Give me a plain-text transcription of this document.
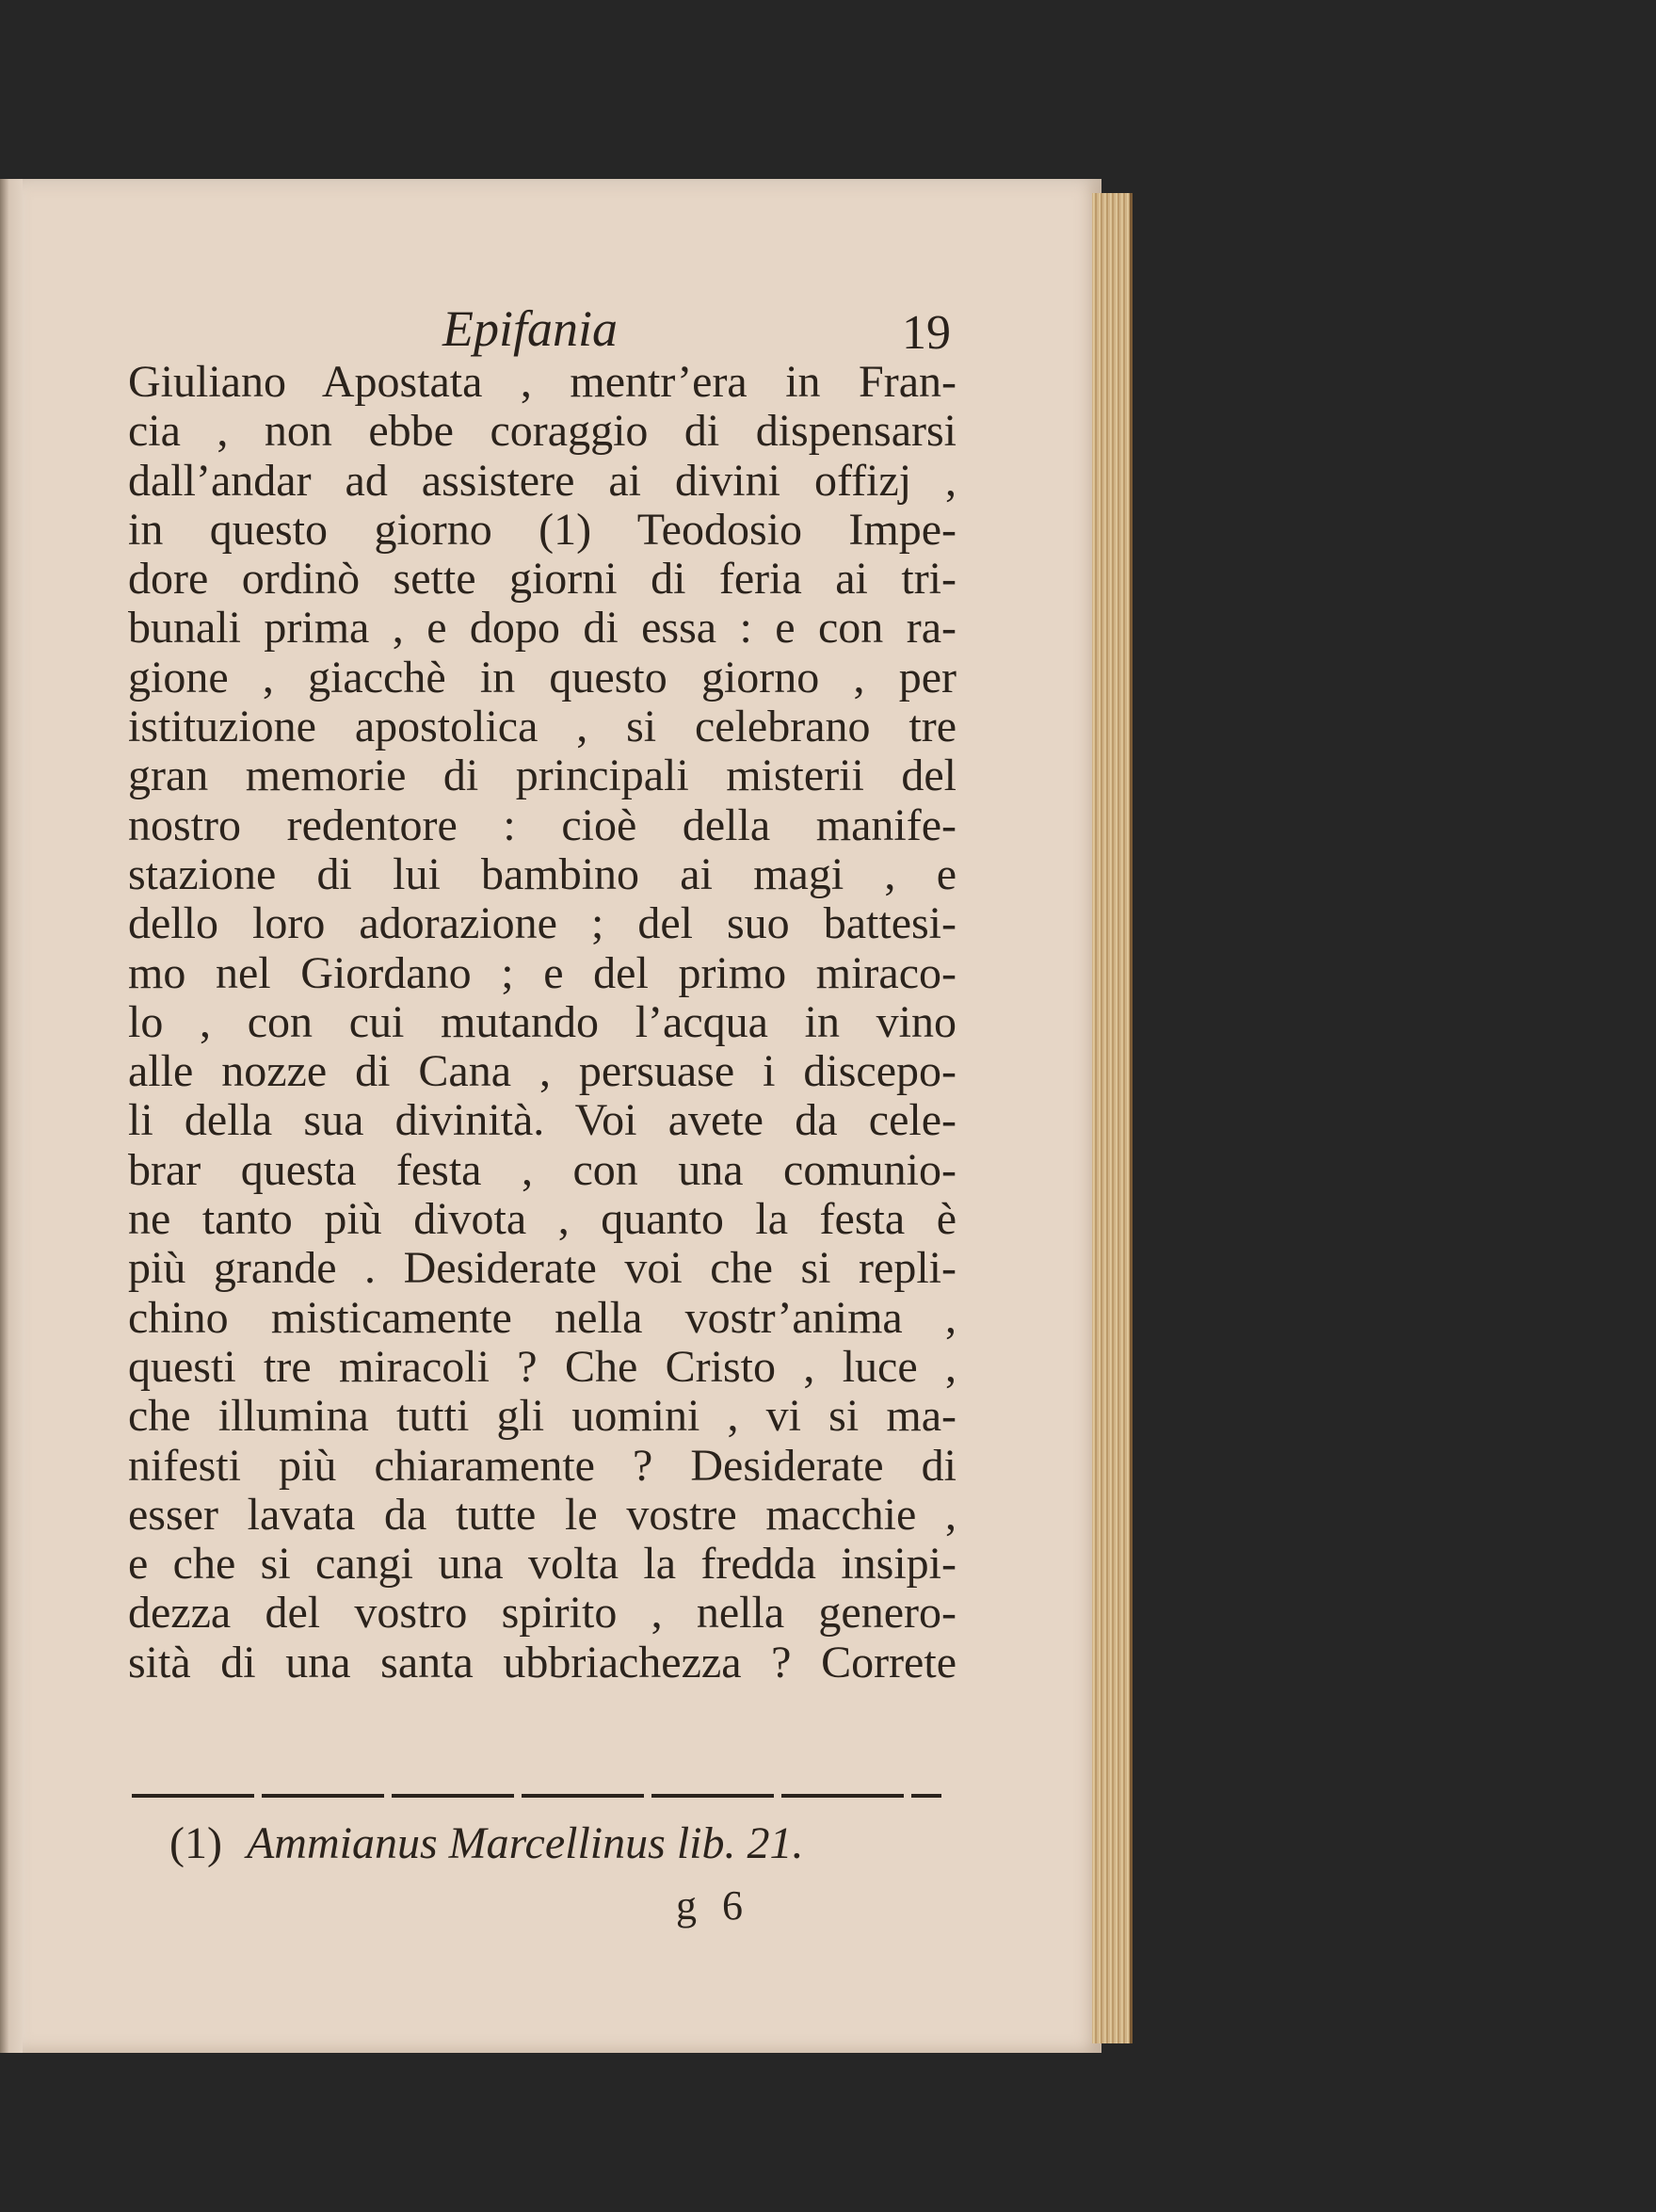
Epifania	19
Giuliano Apostata , mentr’era in Fran-
cia , non ebbe coraggio di dispensarsi
dall’andar ad assistere ai divini offizj ,
in questo giorno (1) Teodosio Impe-
dore ordinò sette giorni di feria ai tri-
bunali prima , e dopo di essa : e con ra-
gione , giacchè in questo giorno , per
istituzione apostolica , si celebrano tre
gran memorie di principali misterii del
nostro redentore : cioè della manife-
stazione di lui bambino ai magi , e
dello loro adorazione ; del suo battesi-
mo nel Giordano ; e del primo miraco-
lo , con cui mutando l’acqua in vino
alle nozze di Cana , persuase i discepo-
li della sua divinità. Voi avete da cele-
brar questa festa , con una comunio-
ne tanto più divota , quanto la festa è
più grande . Desiderate voi che si repli-
chino misticamente nella vostr’anima ,
questi tre miracoli ? Che Cristo , luce ,
che illumina tutti gli uomini , vi si ma-
nifesti più chiaramente ? Desiderate di
esser lavata da tutte le vostre macchie ,
e che si cangi una volta la fredda insipi-
dezza del vostro spirito , nella genero-
sità di una santa ubbriachezza ? Correte
(1) Ammianus Marcellinus lib. 21.
g 6
